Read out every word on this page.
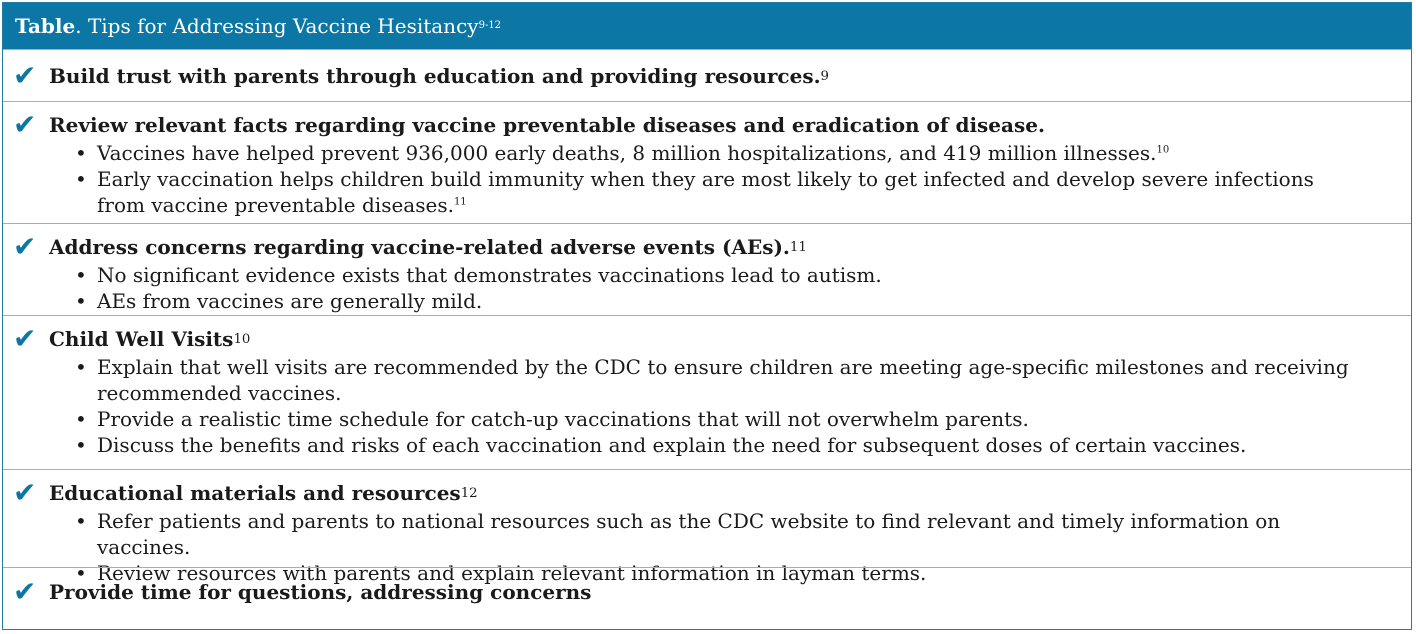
Table . Tips for Addressing Vaccine Hesitancy 9-12
✔ Build trust with parents through education and providing resources. 9
✔ Review relevant facts regarding vaccine preventable diseases and eradication of disease.
• Vaccines have helped prevent 936,000 early deaths, 8 million hospitalizations, and 419 million illnesses.$^{10}$
• Early vaccination helps children build immunity when they are most likely to get infected and develop severe infections from vaccine preventable diseases.$^{11}$
✔ Address concerns regarding vaccine-related adverse events (AEs). 11
• No significant evidence exists that demonstrates vaccinations lead to autism.
• AEs from vaccines are generally mild.
✔ Child Well Visits 10
• Explain that well visits are recommended by the CDC to ensure children are meeting age-specific milestones and receiving recommended vaccines.
• Provide a realistic time schedule for catch-up vaccinations that will not overwhelm parents.
• Discuss the benefits and risks of each vaccination and explain the need for subsequent doses of certain vaccines.
✔ Educational materials and resources 12
• Refer patients and parents to national resources such as the CDC website to find relevant and timely information on vaccines.
• Review resources with parents and explain relevant information in layman terms.
✔ Provide time for questions, addressing concerns
